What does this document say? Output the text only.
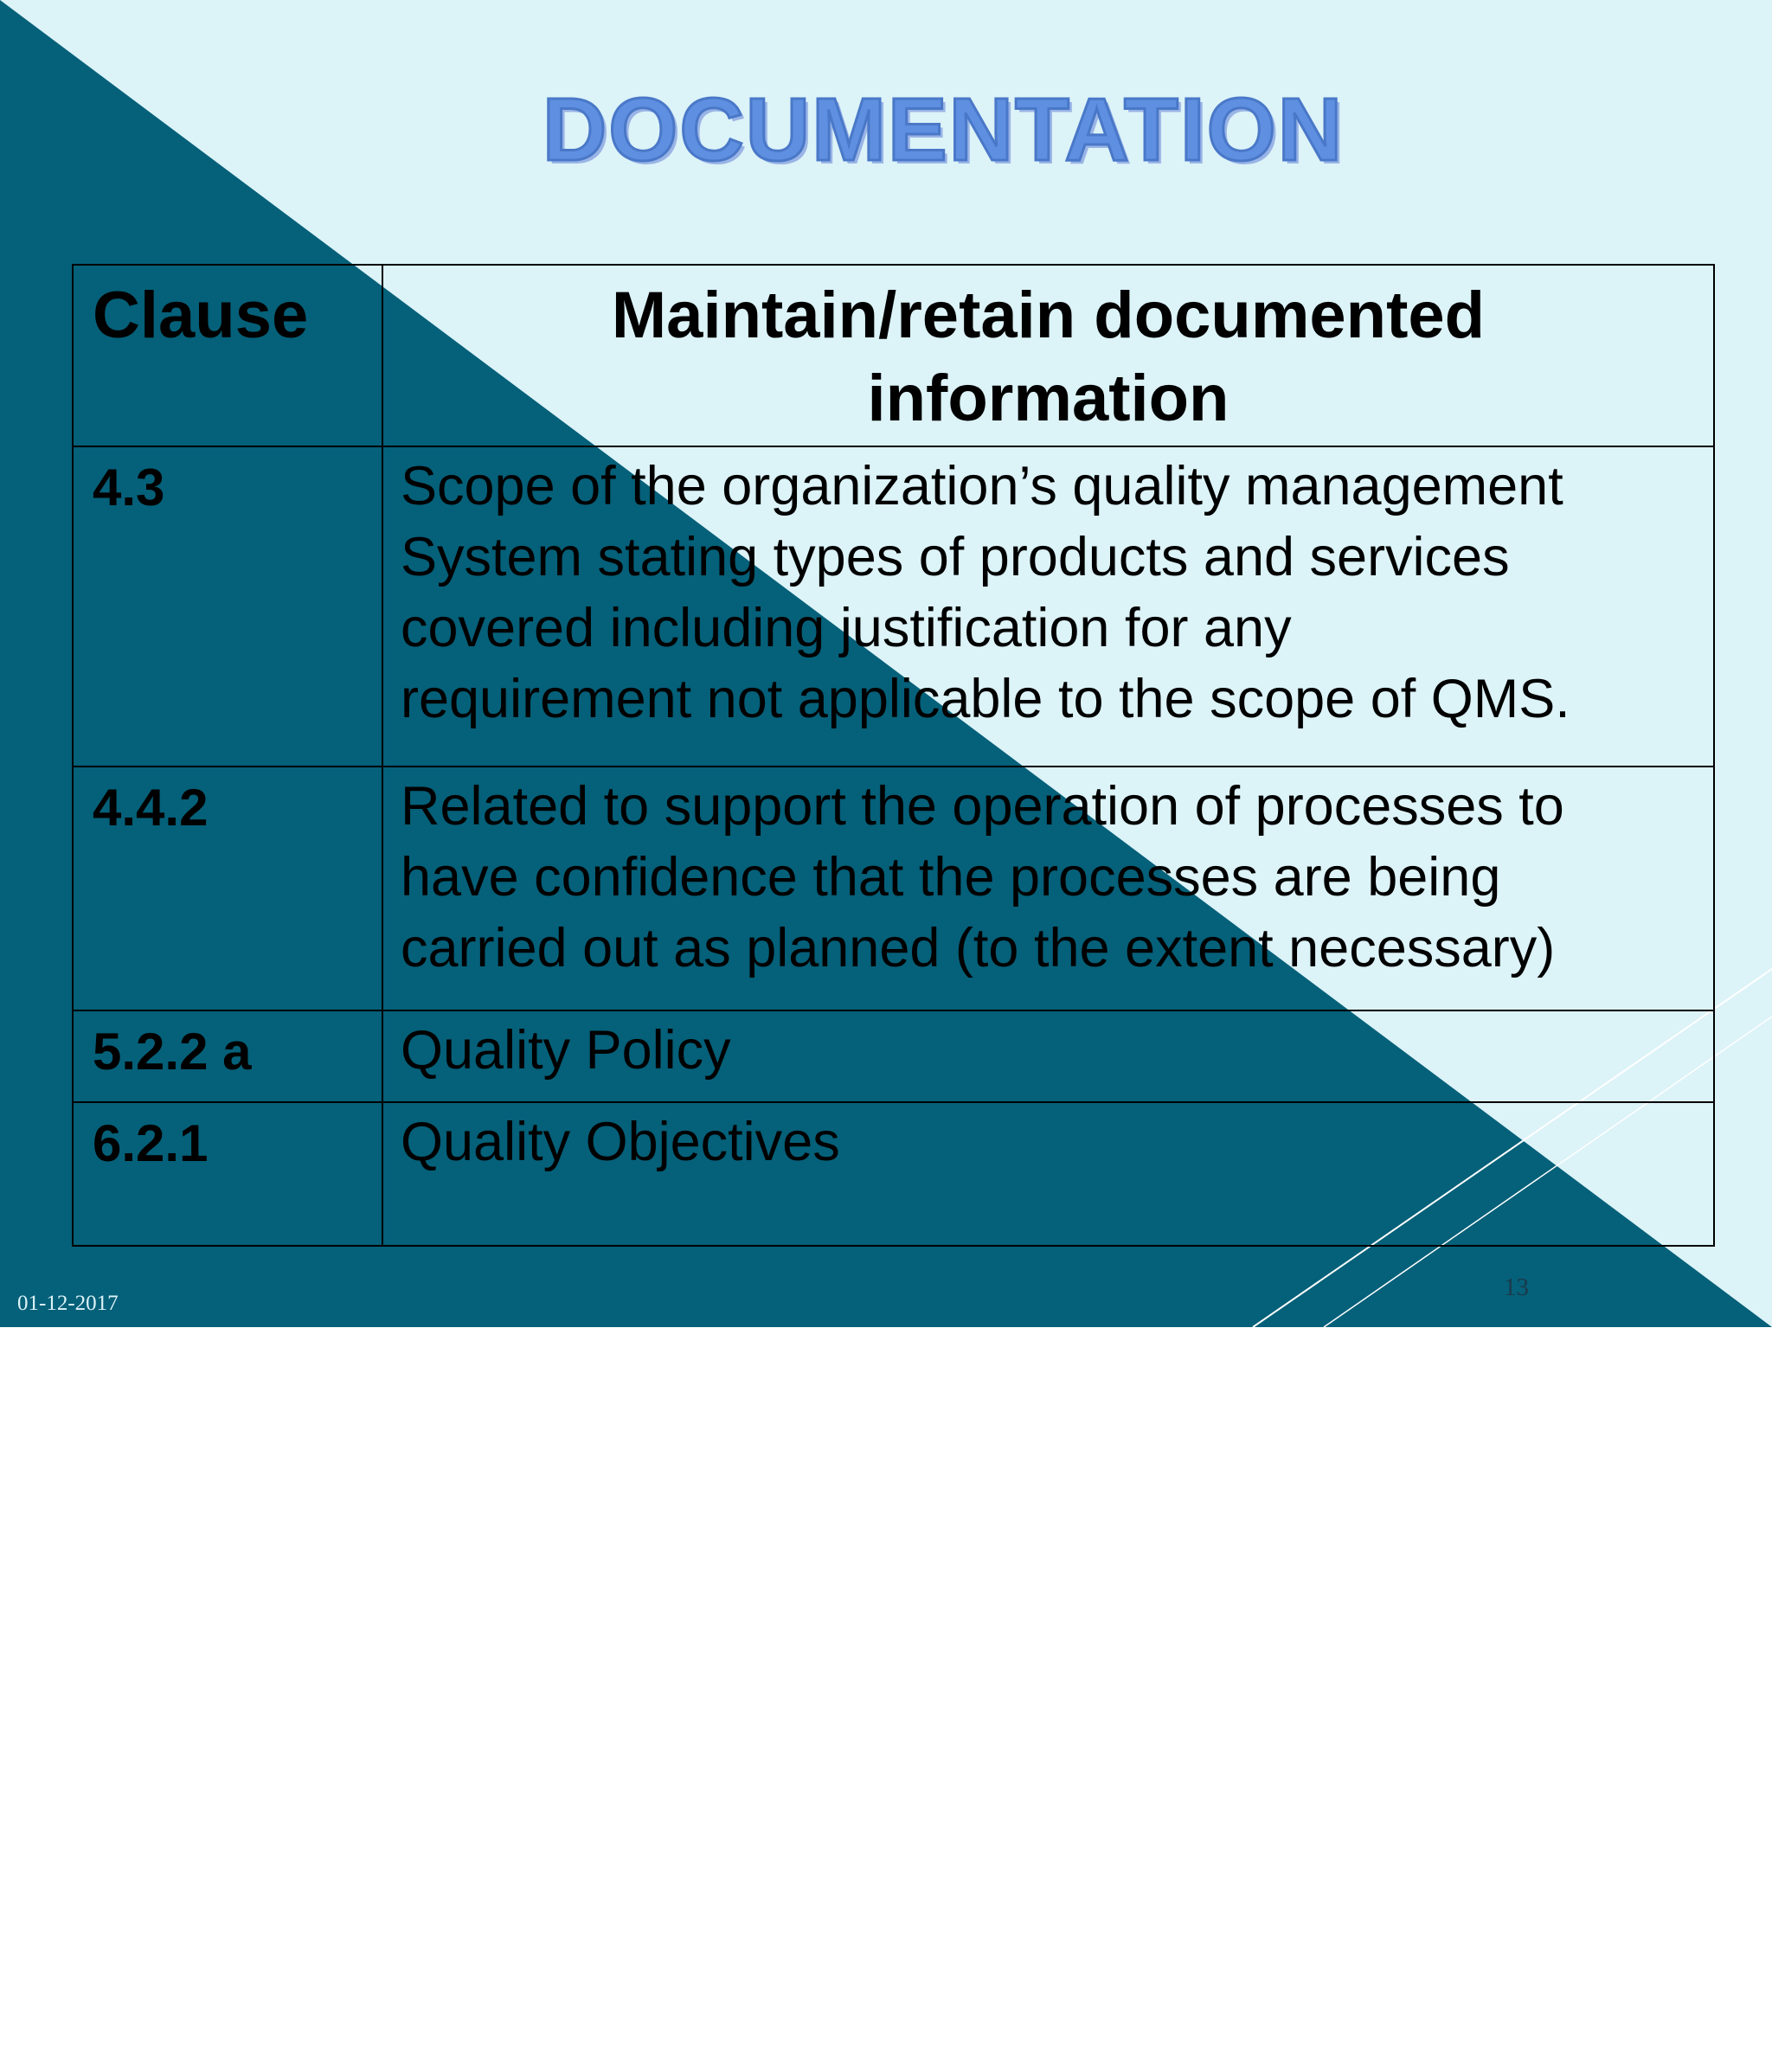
DOCUMENTATION
Clause	Maintain/retain documented
information

4.3	Scope of the organization’s quality management
System stating types of products and services
covered including justification for any
requirement not applicable to the scope of QMS.

4.4.2	Related to support the operation of processes to
have confidence that the processes are being
carried out as planned (to the extent necessary)

5.2.2 a	Quality Policy

6.2.1	Quality Objectives
01-12-2017
13
